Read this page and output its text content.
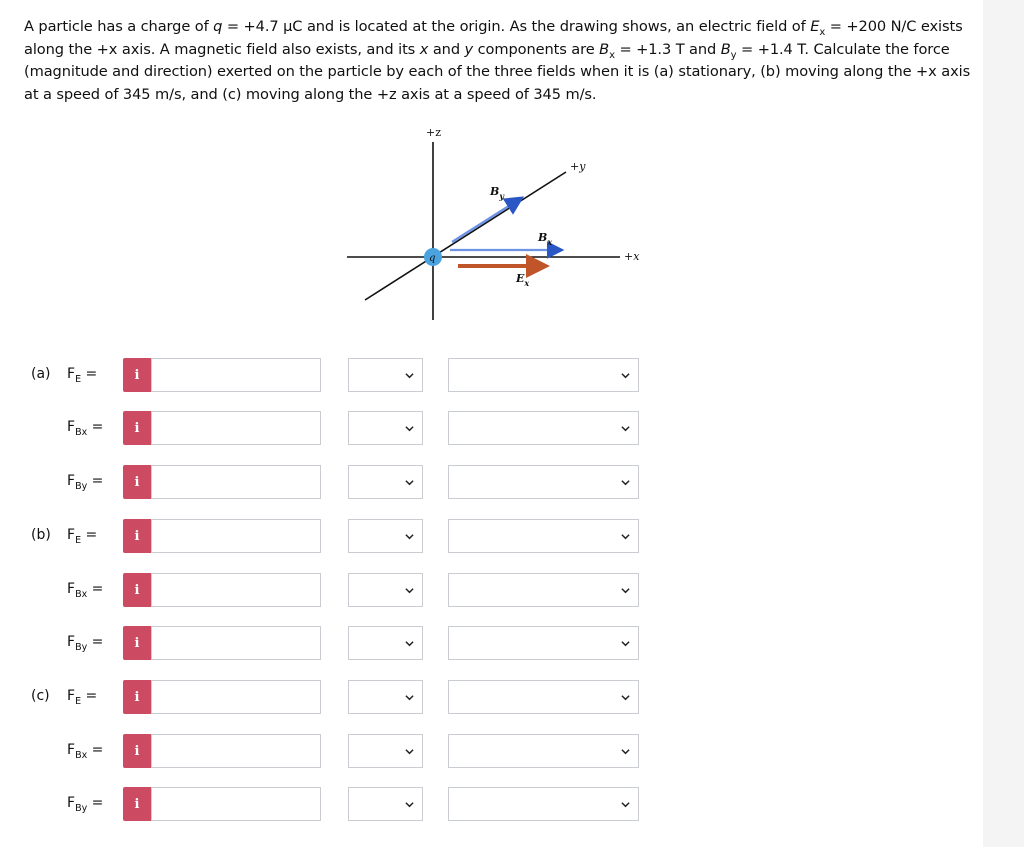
A particle has a charge of q = +4.7 μC and is located at the origin. As the drawing shows, an electric field of $E_x = +200$ N/C exists along the +x axis. A magnetic field also exists, and its x and y components are $B_x = +1.3$ T and $B_y = +1.4$ T. Calculate the force (magnitude and direction) exerted on the particle by each of the three fields when it is (a) stationary, (b) moving along the +x axis at a speed of 345 m/s, and (c) moving along the +z axis at a speed of 345 m/s.
q
+z
+y
+x
$B_y$
$B_x$
$E_x$
(a) $F_E$ =	i
$F_{Bx}$ =	i
$F_{By}$ =	i
(b) $F_E$ =	i
$F_{Bx}$ =	i
$F_{By}$ =	i
(c) $F_E$ =	i
$F_{Bx}$ =	i
$F_{By}$ =	i
